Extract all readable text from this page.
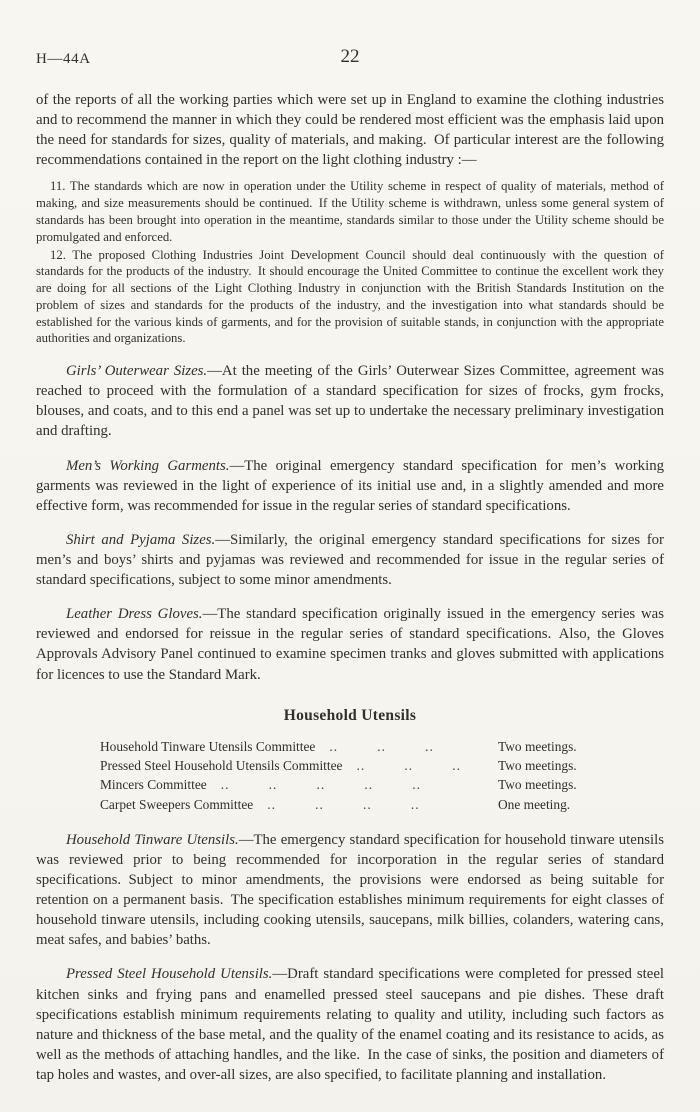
H—44A	22

of the reports of all the working parties which were set up in England to examine the clothing industries and to recommend the manner in which they could be rendered most efficient was the emphasis laid upon the need for standards for sizes, quality of materials, and making. Of particular interest are the following recommendations contained in the report on the light clothing industry :—

11. The standards which are now in operation under the Utility scheme in respect of quality of materials, method of making, and size measurements should be continued. If the Utility scheme is withdrawn, unless some general system of standards has been brought into operation in the meantime, standards similar to those under the Utility scheme should be promulgated and enforced.

12. The proposed Clothing Industries Joint Development Council should deal continuously with the question of standards for the products of the industry. It should encourage the United Committee to continue the excellent work they are doing for all sections of the Light Clothing Industry in conjunction with the British Standards Institution on the problem of sizes and standards for the products of the industry, and the investigation into what standards should be established for the various kinds of garments, and for the provision of suitable stands, in conjunction with the appropriate authorities and organizations.

Girls’ Outerwear Sizes.—At the meeting of the Girls’ Outerwear Sizes Committee, agreement was reached to proceed with the formulation of a standard specification for sizes of frocks, gym frocks, blouses, and coats, and to this end a panel was set up to undertake the necessary preliminary investigation and drafting.

Men’s Working Garments.—The original emergency standard specification for men’s working garments was reviewed in the light of experience of its initial use and, in a slightly amended and more effective form, was recommended for issue in the regular series of standard specifications.

Shirt and Pyjama Sizes.—Similarly, the original emergency standard specifications for sizes for men’s and boys’ shirts and pyjamas was reviewed and recommended for issue in the regular series of standard specifications, subject to some minor amendments.

Leather Dress Gloves.—The standard specification originally issued in the emergency series was reviewed and endorsed for reissue in the regular series of standard specifications. Also, the Gloves Approvals Advisory Panel continued to examine specimen tranks and gloves submitted with applications for licences to use the Standard Mark.

Household Utensils
Household Tinware Utensils Committee .. .. ..	Two meetings.
Pressed Steel Household Utensils Committee .. .. ..	Two meetings.
Mincers Committee .. .. .. .. ..	Two meetings.
Carpet Sweepers Committee .. .. .. ..	One meeting.

Household Tinware Utensils.—The emergency standard specification for household tinware utensils was reviewed prior to being recommended for incorporation in the regular series of standard specifications. Subject to minor amendments, the provisions were endorsed as being suitable for retention on a permanent basis. The specification establishes minimum requirements for eight classes of household tinware utensils, including cooking utensils, saucepans, milk billies, colanders, watering cans, meat safes, and babies’ baths.

Pressed Steel Household Utensils.—Draft standard specifications were completed for pressed steel kitchen sinks and frying pans and enamelled pressed steel saucepans and pie dishes. These draft specifications establish minimum requirements relating to quality and utility, including such factors as nature and thickness of the base metal, and the quality of the enamel coating and its resistance to acids, as well as the methods of attaching handles, and the like. In the case of sinks, the position and diameters of tap holes and wastes, and over-all sizes, are also specified, to facilitate planning and installation.
